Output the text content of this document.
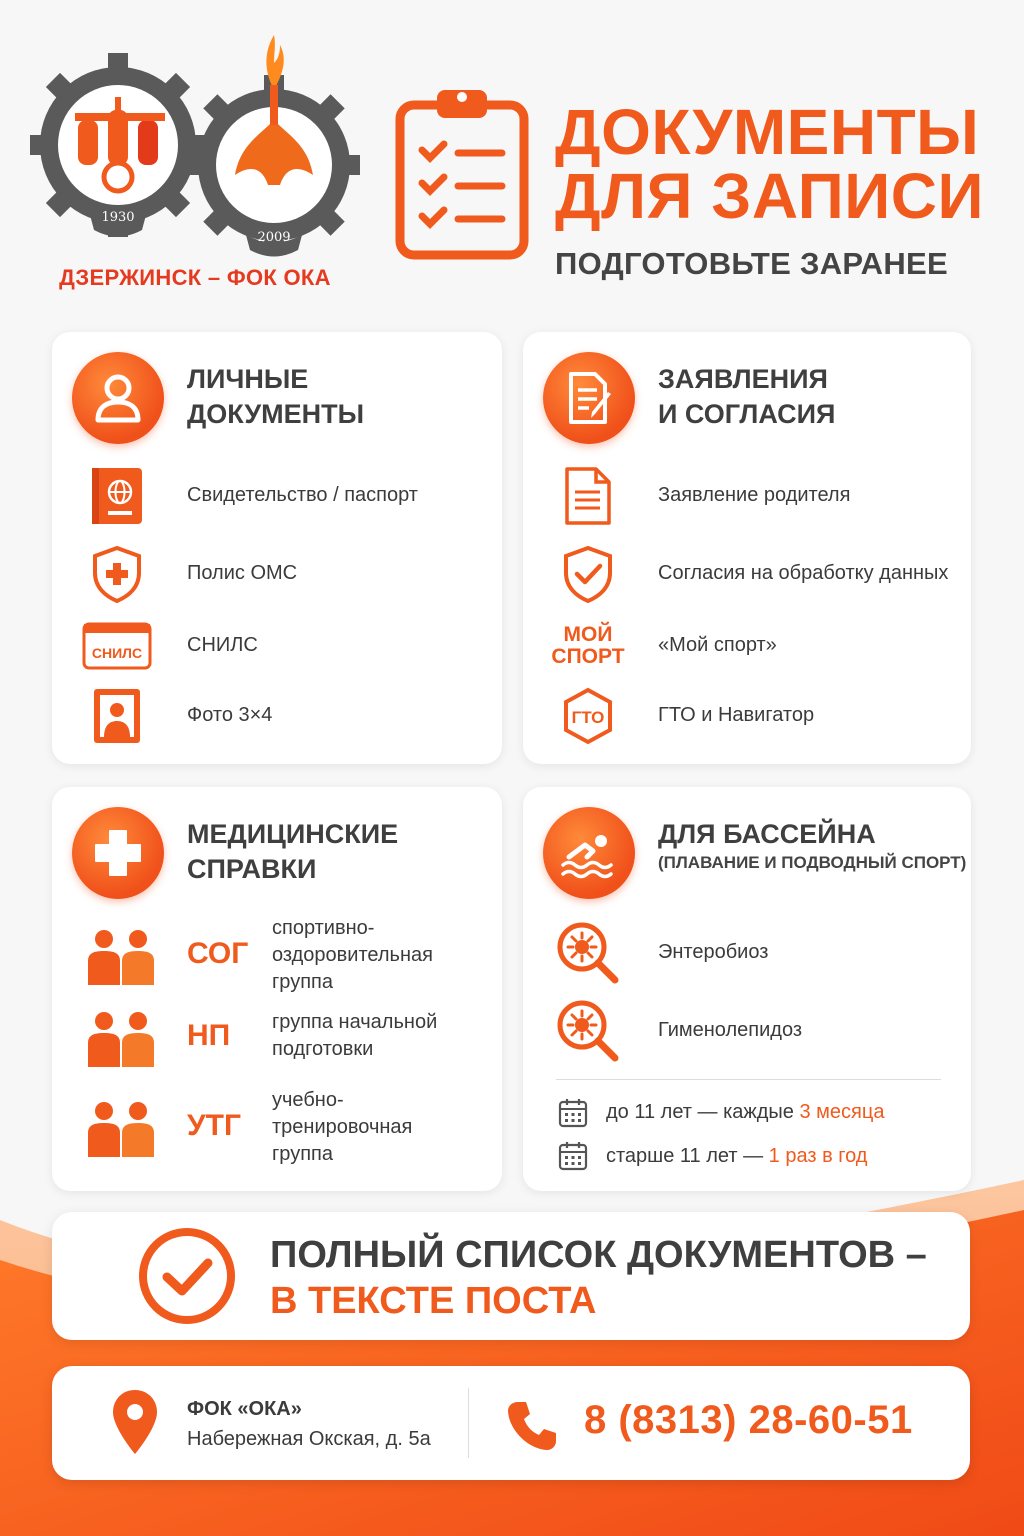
1930
2009
ДЗЕРЖИНСК – ФОК ОКА
ДОКУМЕНТЫ
ДЛЯ ЗАПИСИ
ПОДГОТОВЬТЕ ЗАРАНЕЕ
ЛИЧНЫЕ
ДОКУМЕНТЫ
Свидетельство / паспорт
Полис ОМС
СНИЛС СНИЛС
Фото 3×4
ЗАЯВЛЕНИЯ
И СОГЛАСИЯ
Заявление родителя
Согласия на обработку данных
МОЙ
СПОРТ «Мой спорт»
ГТО	ГТО и Навигатор
МЕДИЦИНСКИЕ
СПРАВКИ
СОГ
спортивно-
оздоровительная
группа
НП группа начальной
подготовки
УТГ
учебно-
тренировочная
группа
ДЛЯ БАССЕЙНА
(ПЛАВАНИЕ И ПОДВОДНЫЙ СПОРТ)
Энтеробиоз
Гименолепидоз
до 11 лет — каждые 3 месяца
старше 11 лет — 1 раз в год
ПОЛНЫЙ СПИСОК ДОКУМЕНТОВ –
В ТЕКСТЕ ПОСТА
ФОК «ОКА»
Набережная Окская, д. 5а	8 (8313) 28-60-51
